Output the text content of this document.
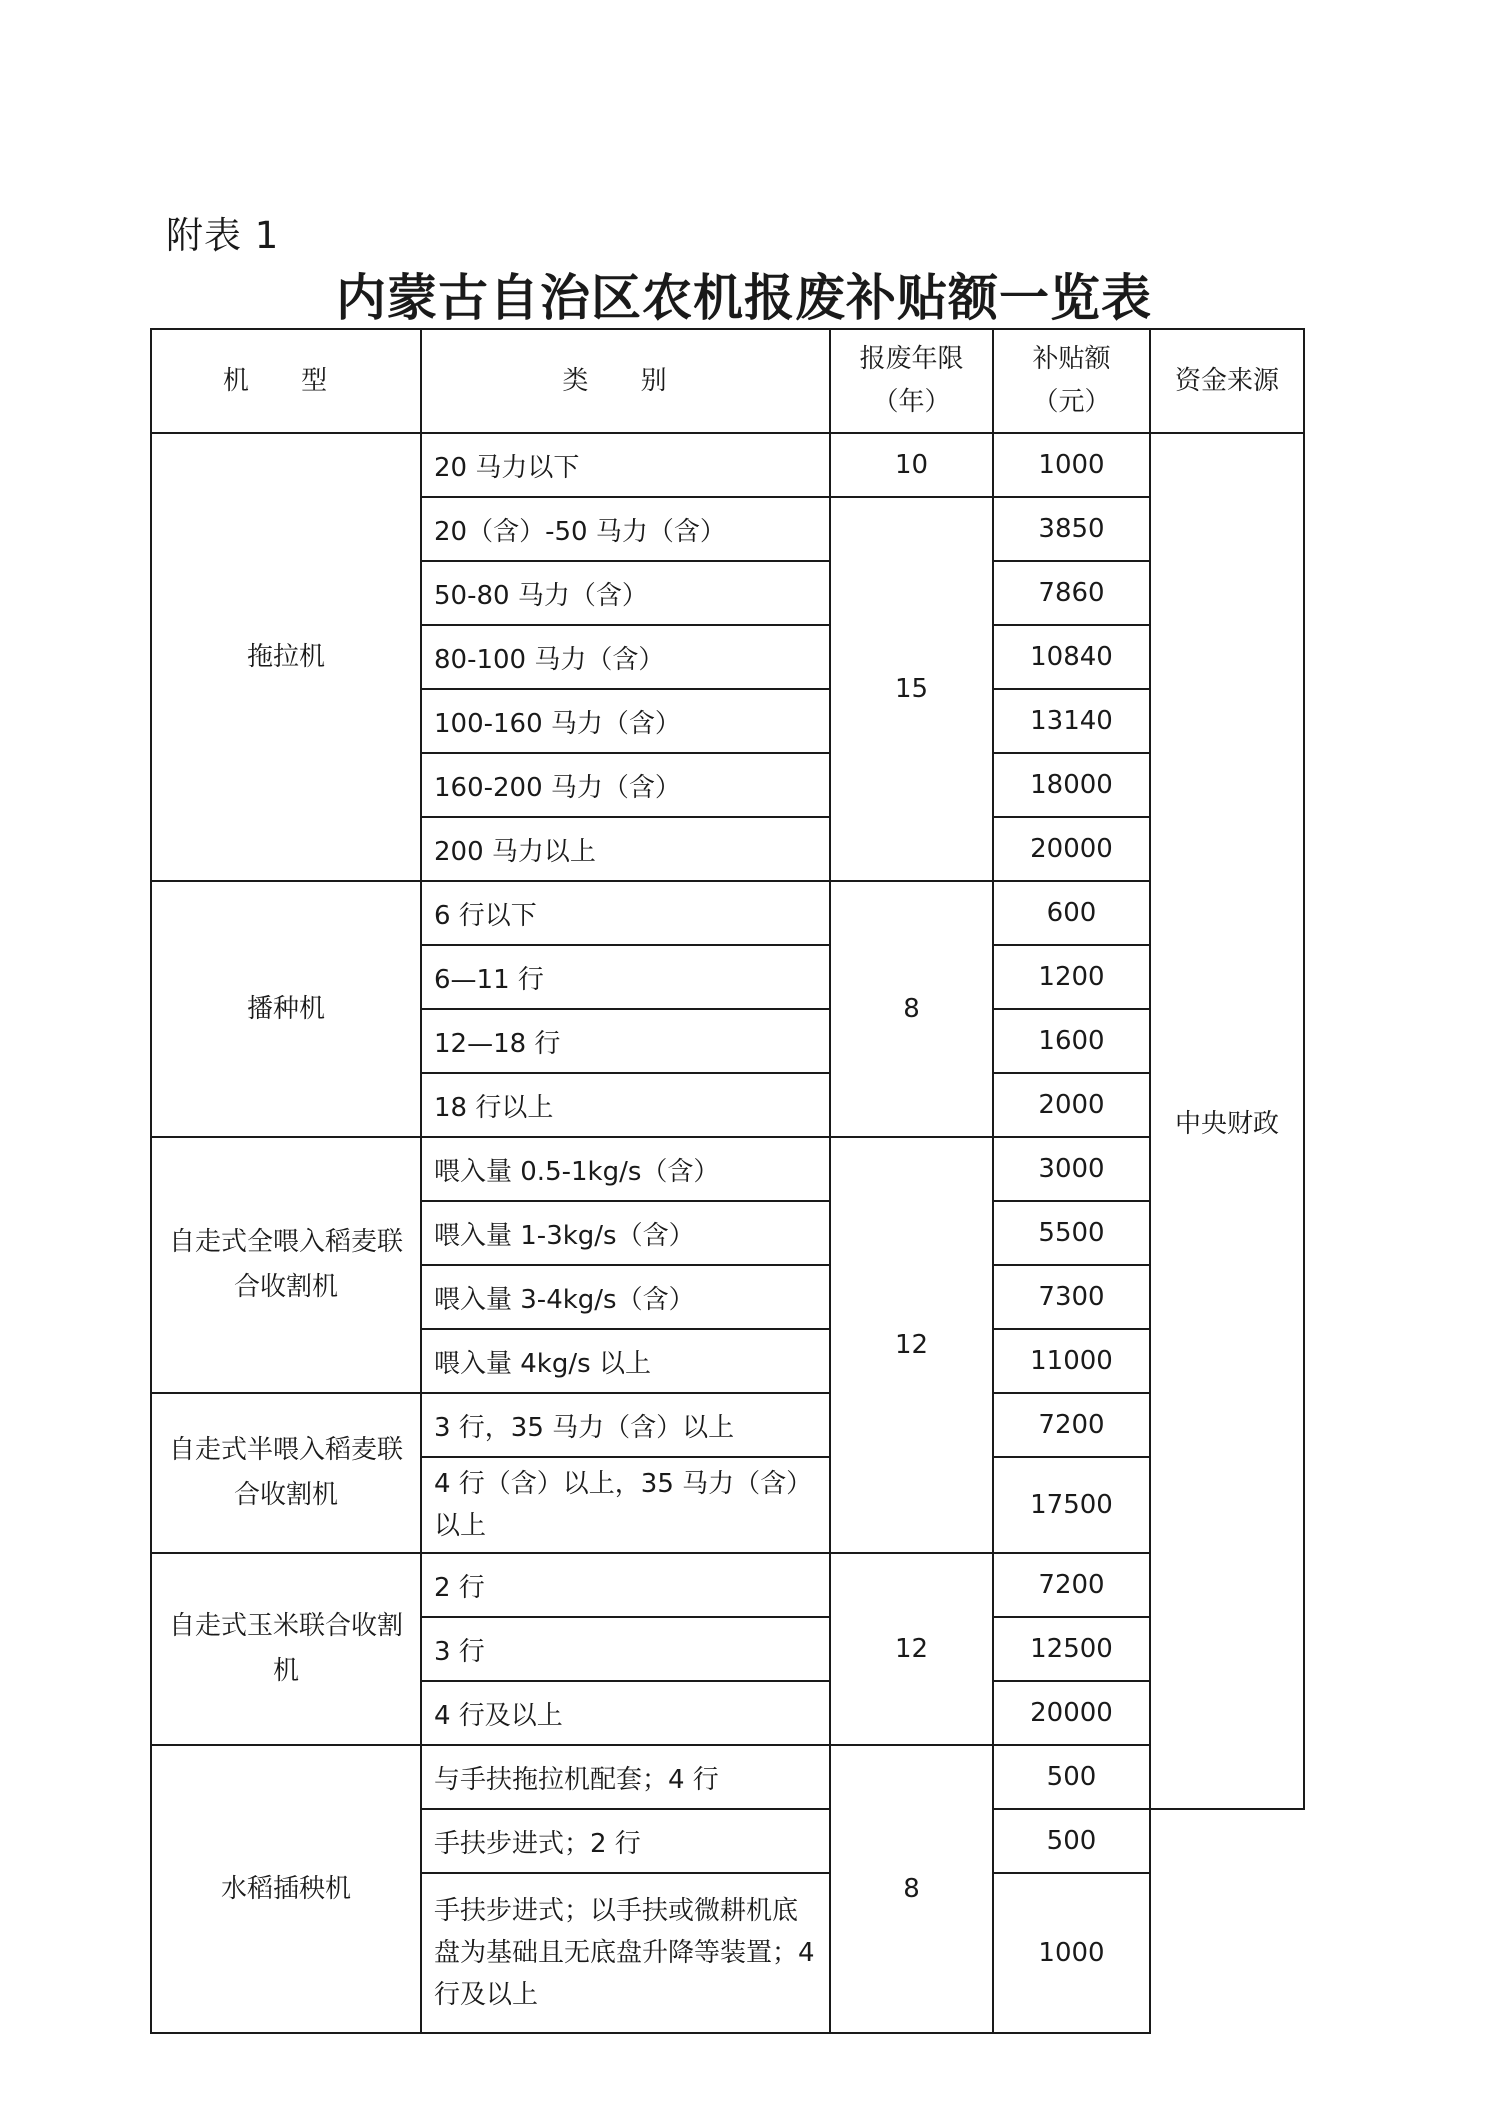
附表 1
内蒙古自治区农机报废补贴额一览表
机 型	类 别	报废年限（年）	补贴额（元）	资金来源
拖拉机	20 马力以下	10	1000	中央财政
	20（含）-50 马力（含）	15	3850	
	50-80 马力（含）		7860	
	80-100 马力（含）		10840	
	100-160 马力（含）		13140	
	160-200 马力（含）		18000	
	200 马力以上		20000	
播种机	6 行以下	8	600	
	6—11 行		1200	
	12—18 行		1600	
	18 行以上		2000	
自走式全喂入稻麦联合收割机	喂入量 0.5-1kg/s（含）	12	3000	
	喂入量 1-3kg/s（含）		5500	
	喂入量 3-4kg/s（含）		7300	
	喂入量 4kg/s 以上		11000	
自走式半喂入稻麦联合收割机	3 行，35 马力（含）以上		7200	
	4 行（含）以上，35 马力（含）以上		17500	
自走式玉米联合收割机	2 行	12	7200	
	3 行		12500	
	4 行及以上		20000	
水稻插秧机	与手扶拖拉机配套；4 行	8	500	
	手扶步进式；2 行		500	
	手扶步进式；以手扶或微耕机底盘为基础且无底盘升降等装置；4 行及以上		1000	
